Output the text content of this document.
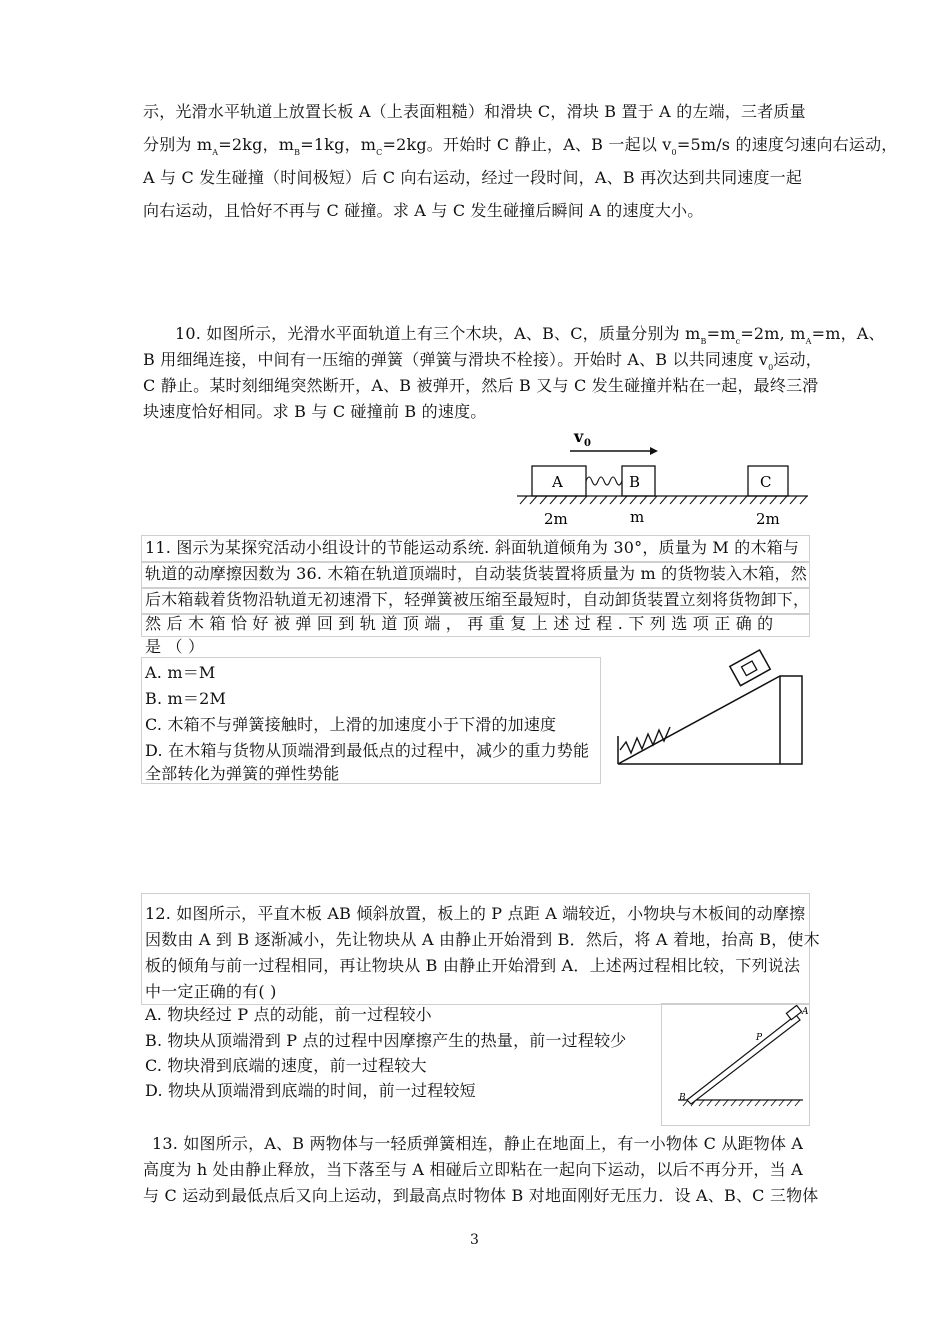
示，光滑水平轨道上放置长板 A（上表面粗糙）和滑块 C，滑块 B 置于 A 的左端，三者质量
分别为 $m_A=2kg$，$m_B=1kg$，$m_C=2kg$。开始时 C 静止，A、B 一起以 $v_0=5m/s$ 的速度匀速向右运动，
A 与 C 发生碰撞（时间极短）后 C 向右运动，经过一段时间，A、B 再次达到共同速度一起
向右运动，且恰好不再与 C 碰撞。求 A 与 C 发生碰撞后瞬间 A 的速度大小。
10. 如图所示，光滑水平面轨道上有三个木块，A、B、C，质量分别为 $m_B=m_c=2m$, $m_A=m$，A、
B 用细绳连接，中间有一压缩的弹簧（弹簧与滑块不栓接）。开始时 A、B 以共同速度 $v_0$运动，
C 静止。某时刻细绳突然断开，A、B 被弹开，然后 B 又与 C 发生碰撞并粘在一起，最终三滑
块速度恰好相同。求 B 与 C 碰撞前 B 的速度。
v 0
A	B	C
2m	m	2m
11. 图示为某探究活动小组设计的节能运动系统. 斜面轨道倾角为 30°，质量为 M 的木箱与
轨道的动摩擦因数为 36. 木箱在轨道顶端时，自动装货装置将质量为 m 的货物装入木箱，然
后木箱载着货物沿轨道无初速滑下，轻弹簧被压缩至最短时，自动卸货装置立刻将货物卸下，
然 后 木 箱 恰 好 被 弹 回 到 轨 道 顶 端 ， 再 重 复 上 述 过 程 . 下 列 选 项 正 确 的
是 （ ）
A. m＝M
B. m＝2M
C. 木箱不与弹簧接触时，上滑的加速度小于下滑的加速度
D. 在木箱与货物从顶端滑到最低点的过程中，减少的重力势能
全部转化为弹簧的弹性势能
12. 如图所示，平直木板 AB 倾斜放置，板上的 P 点距 A 端较近，小物块与木板间的动摩擦
因数由 A 到 B 逐渐减小，先让物块从 A 由静止开始滑到 B．然后，将 A 着地，抬高 B，使木
板的倾角与前一过程相同，再让物块从 B 由静止开始滑到 A．上述两过程相比较，下列说法
中一定正确的有( )
A. 物块经过 P 点的动能，前一过程较小
B. 物块从顶端滑到 P 点的过程中因摩擦产生的热量，前一过程较少
C. 物块滑到底端的速度，前一过程较大
D. 物块从顶端滑到底端的时间，前一过程较短
A
B
P
13. 如图所示，A、B 两物体与一轻质弹簧相连，静止在地面上，有一小物体 C 从距物体 A
高度为 h 处由静止释放，当下落至与 A 相碰后立即粘在一起向下运动，以后不再分开，当 A
与 C 运动到最低点后又向上运动，到最高点时物体 B 对地面刚好无压力．设 A、B、C 三物体
3
